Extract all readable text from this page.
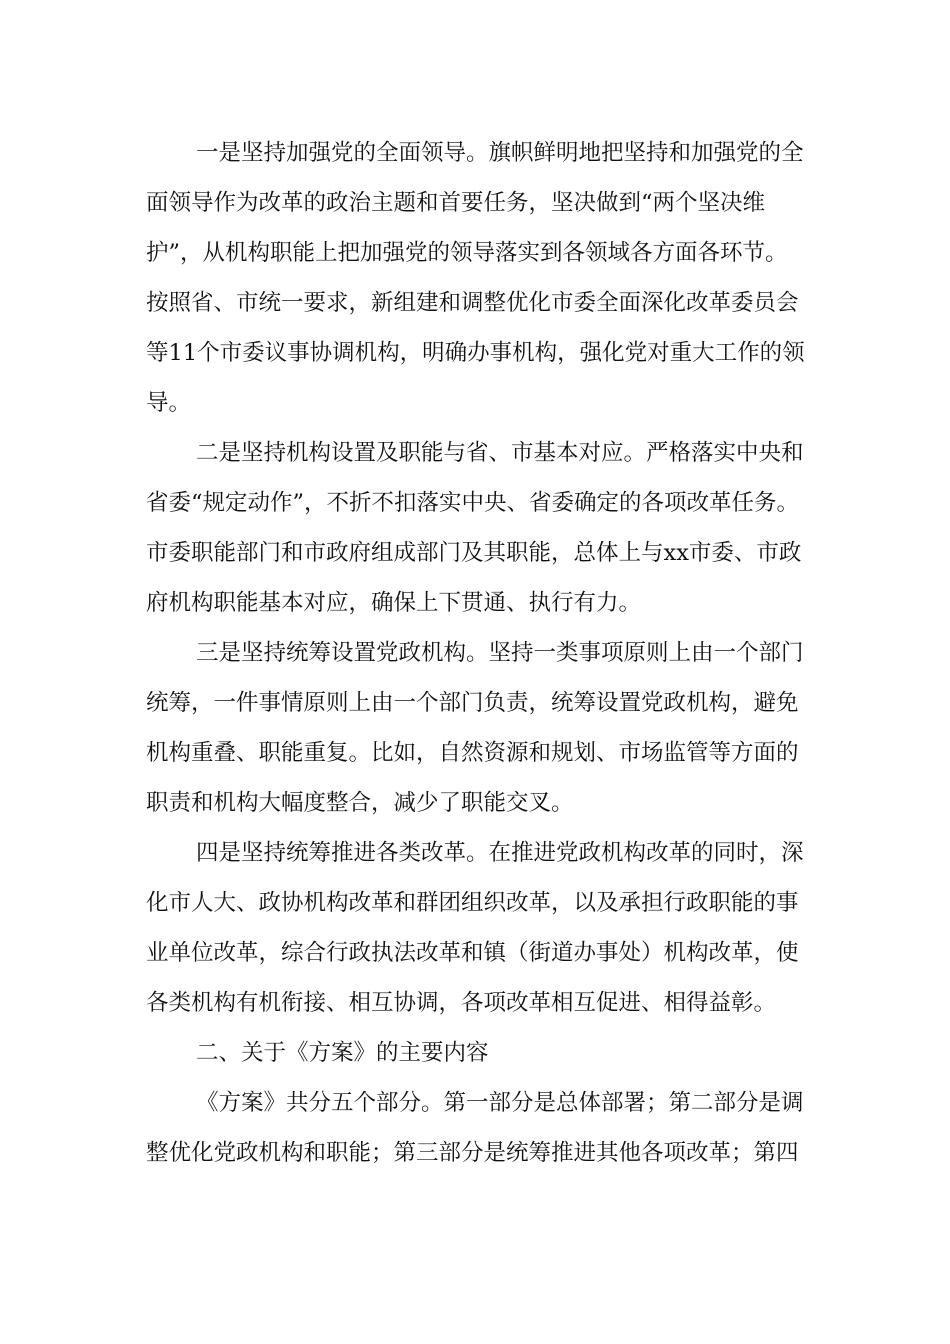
一是坚持加强党的全面领导。旗帜鲜明地把坚持和加强党的全

面领导作为改革的政治主题和首要任务，坚决做到“两个坚决维

护”，从机构职能上把加强党的领导落实到各领域各方面各环节。

按照省、市统一要求，新组建和调整优化市委全面深化改革委员会

等11个市委议事协调机构，明确办事机构，强化党对重大工作的领

导。

二是坚持机构设置及职能与省、市基本对应。严格落实中央和

省委“规定动作”，不折不扣落实中央、省委确定的各项改革任务。

市委职能部门和市政府组成部门及其职能，总体上与xx市委、市政

府机构职能基本对应，确保上下贯通、执行有力。

三是坚持统筹设置党政机构。坚持一类事项原则上由一个部门

统筹，一件事情原则上由一个部门负责，统筹设置党政机构，避免

机构重叠、职能重复。比如，自然资源和规划、市场监管等方面的

职责和机构大幅度整合，减少了职能交叉。

四是坚持统筹推进各类改革。在推进党政机构改革的同时，深

化市人大、政协机构改革和群团组织改革，以及承担行政职能的事

业单位改革，综合行政执法改革和镇（街道办事处）机构改革，使

各类机构有机衔接、相互协调，各项改革相互促进、相得益彰。

二、关于《方案》的主要内容

《方案》共分五个部分。第一部分是总体部署；第二部分是调

整优化党政机构和职能；第三部分是统筹推进其他各项改革；第四
